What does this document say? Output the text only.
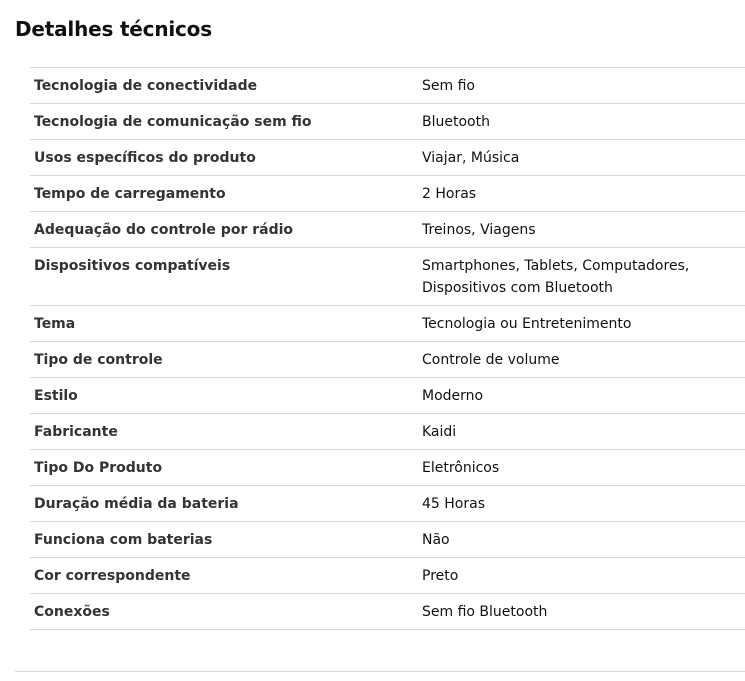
Detalhes técnicos
Tecnologia de conectividade	Sem fio
Tecnologia de comunicação sem fio	Bluetooth
Usos específicos do produto	Viajar, Música
Tempo de carregamento	2 Horas
Adequação do controle por rádio	Treinos, Viagens
Dispositivos compatíveis	Smartphones, Tablets, Computadores, Dispositivos com Bluetooth
Tema	Tecnologia ou Entretenimento
Tipo de controle	Controle de volume
Estilo	Moderno
Fabricante	Kaidi
Tipo Do Produto	Eletrônicos
Duração média da bateria	45 Horas
Funciona com baterias	Não
Cor correspondente	Preto
Conexões	Sem fio Bluetooth
